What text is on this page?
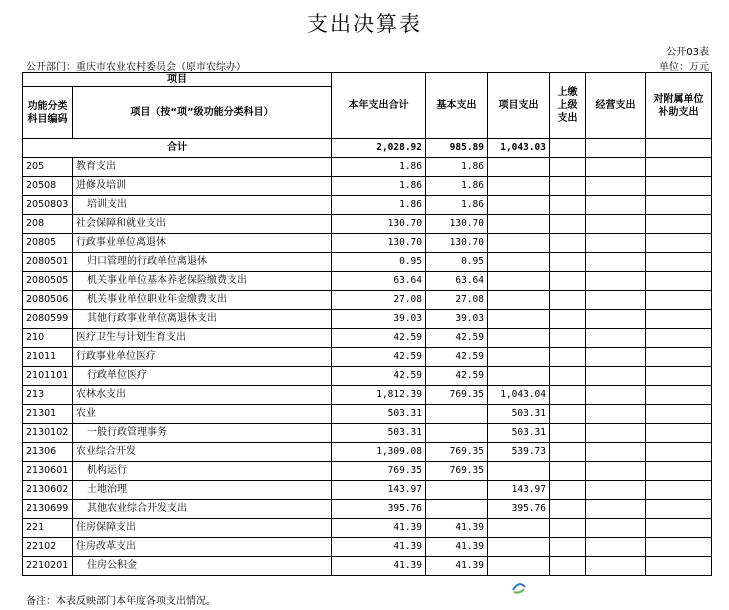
支出决算表
公开03表
公开部门：重庆市农业农村委员会（原市农综办）	单位：万元
项目		本年支出合计	基本支出	项目支出	上缴上级支出	经营支出	对附属单位补助支出
功能分类科目编码	项目（按“项”级功能分类科目）						
合计		2,028.92	985.89	1,043.03			
205	教育支出	1.86	1.86				
20508	进修及培训	1.86	1.86				
2050803	培训支出	1.86	1.86				
208	社会保障和就业支出	130.70	130.70				
20805	行政事业单位离退休	130.70	130.70				
2080501	归口管理的行政单位离退休	0.95	0.95				
2080505	机关事业单位基本养老保险缴费支出	63.64	63.64				
2080506	机关事业单位职业年金缴费支出	27.08	27.08				
2080599	其他行政事业单位离退休支出	39.03	39.03				
210	医疗卫生与计划生育支出	42.59	42.59				
21011	行政事业单位医疗	42.59	42.59				
2101101	行政单位医疗	42.59	42.59				
213	农林水支出	1,812.39	769.35	1,043.04			
21301	农业	503.31		503.31			
2130102	一般行政管理事务	503.31		503.31			
21306	农业综合开发	1,309.08	769.35	539.73			
2130601	机构运行	769.35	769.35				
2130602	土地治理	143.97		143.97			
2130699	其他农业综合开发支出	395.76		395.76			
221	住房保障支出	41.39	41.39				
22102	住房改革支出	41.39	41.39				
2210201	住房公积金	41.39	41.39				
备注：本表反映部门本年度各项支出情况。
